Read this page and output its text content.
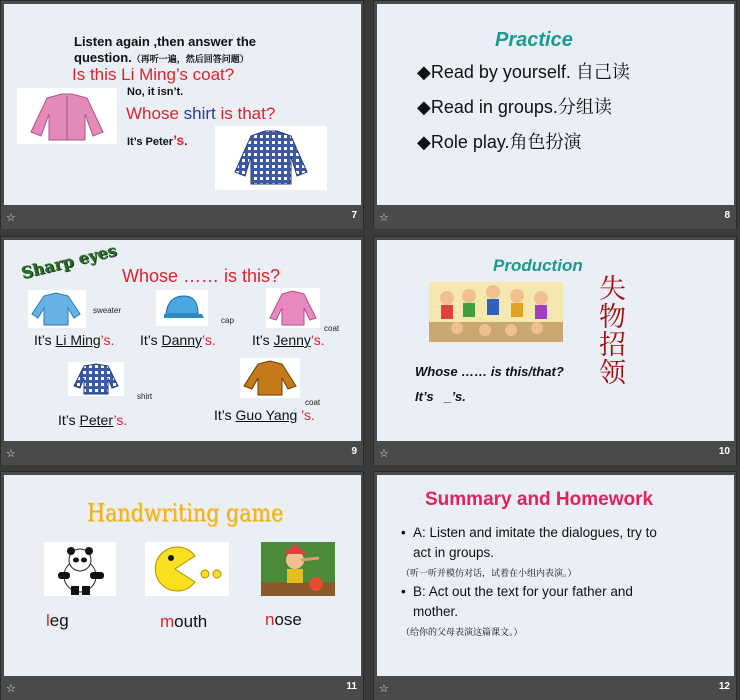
Listen again ,then answer the
question.（再听一遍，然后回答问题）
Is this Li Ming’s coat?
No, it isn’t.
Whose shirt is that?
It’s Peter’s.
☆	7
Practice
◆Read by yourself. 自己读
◆Read in groups.分组读
◆Role play.角色扮演
☆	8
Sharp eyes Whose …… is this?
sweater
cap
coat
It’s Li Ming’s. It’s Danny’s.	It’s Jenny’s.
shirt
coat
It’s Peter’s.	It’s Guo Yang ’s.
☆	9
Production
失
物
招
领
Whose …… is this/that?
It’s   _’s.
☆	10
Handwriting game
leg	mouth	nose
☆	11
Summary and Homework
• A: Listen and imitate the dialogues, try to
act in groups.
（听一听并模仿对话，试着在小组内表演。）
• B: Act out the text for your father and
mother.
（给你的父母表演这篇课文。）
☆	12
